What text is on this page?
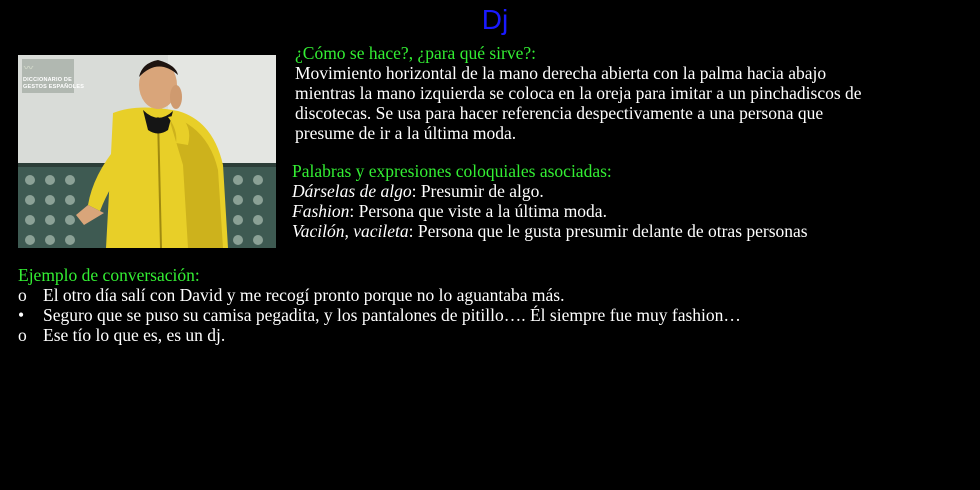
Dj
〰
DICCIONARIO DE
GESTOS ESPAÑOLES
¿Cómo se hace?, ¿para qué sirve?:
Movimiento horizontal de la mano derecha abierta con la palma hacia abajo
mientras la mano izquierda se coloca en la oreja para imitar a un pinchadiscos de
discotecas. Se usa para hacer referencia despectivamente a una persona que
presume de ir a la última moda.
Palabras y expresiones coloquiales asociadas:
Dárselas de algo: Presumir de algo.
Fashion: Persona que viste a la última moda.
Vacilón, vacileta: Persona que le gusta presumir delante de otras personas
Ejemplo de conversación:
o El otro día salí con David y me recogí pronto porque no lo aguantaba más.
• Seguro que se puso su camisa pegadita, y los pantalones de pitillo…. Él siempre fue muy fashion…
o Ese tío lo que es, es un dj.
